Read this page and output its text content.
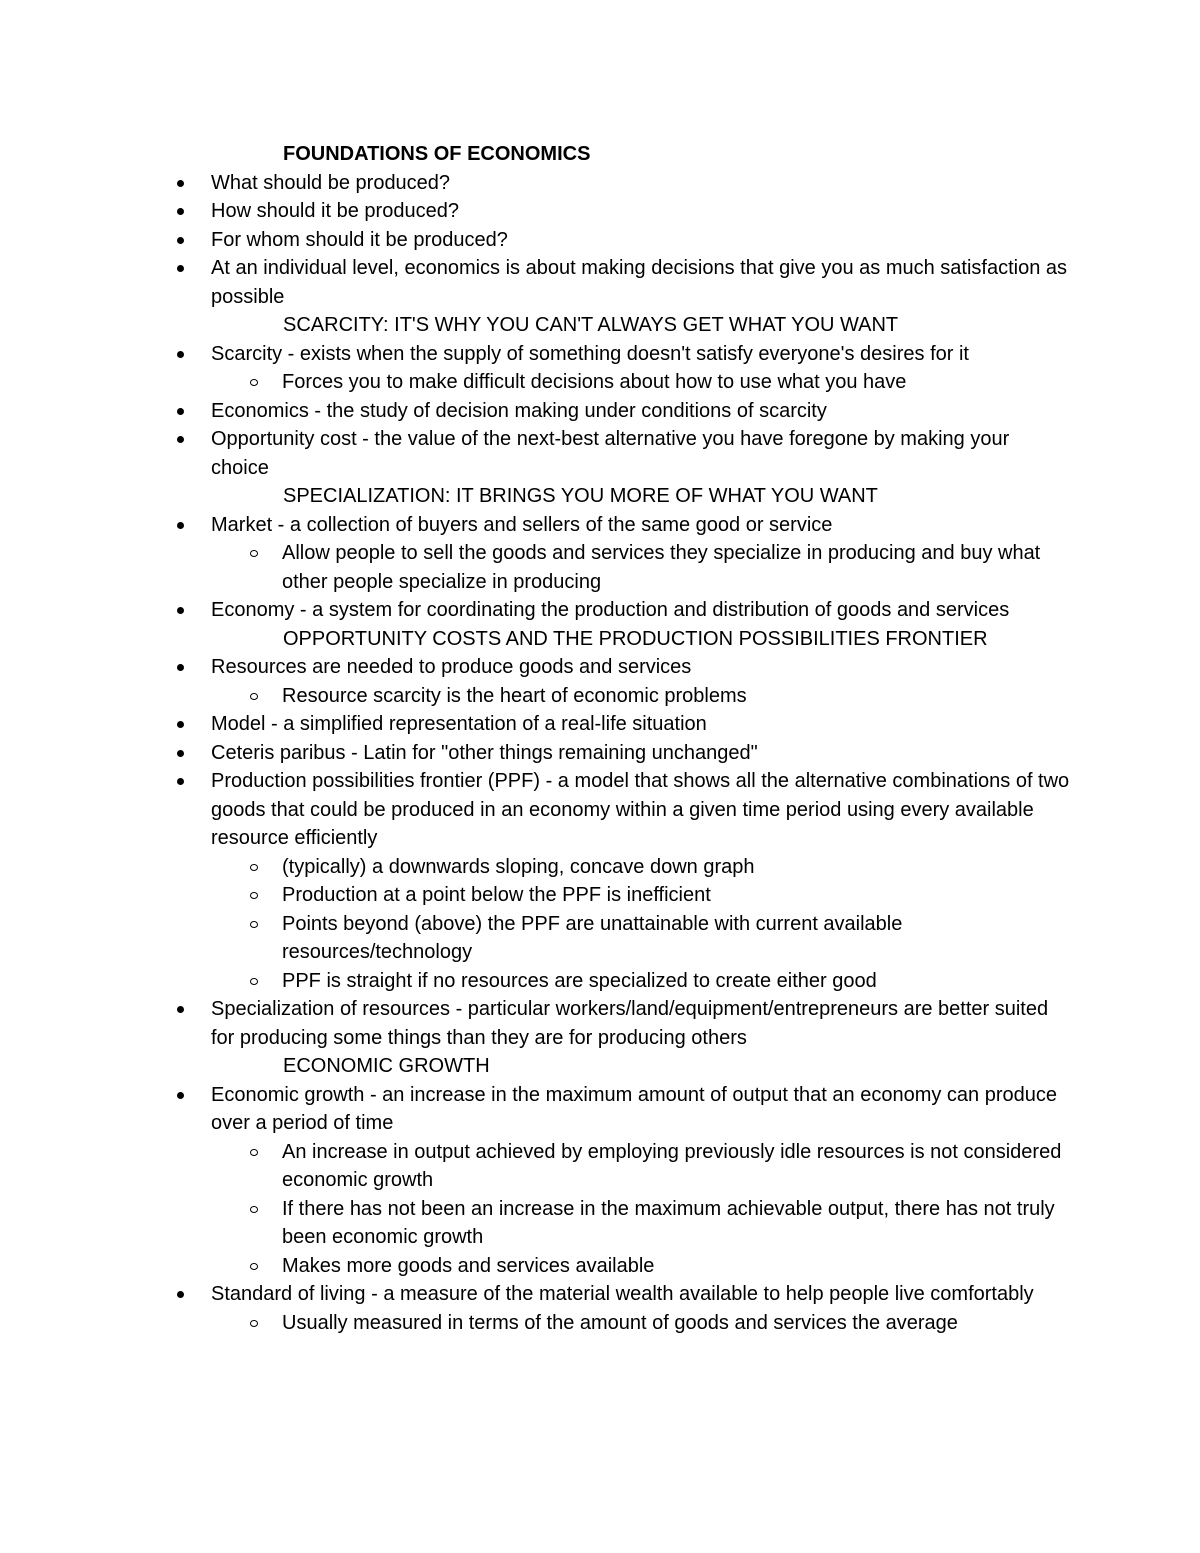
FOUNDATIONS OF ECONOMICS
What should be produced?
How should it be produced?
For whom should it be produced?
At an individual level, economics is about making decisions that give you as much satisfaction as possible
SCARCITY: IT'S WHY YOU CAN'T ALWAYS GET WHAT YOU WANT
Scarcity - exists when the supply of something doesn't satisfy everyone's desires for it
Forces you to make difficult decisions about how to use what you have
Economics - the study of decision making under conditions of scarcity
Opportunity cost - the value of the next-best alternative you have foregone by making your choice
SPECIALIZATION: IT BRINGS YOU MORE OF WHAT YOU WANT
Market - a collection of buyers and sellers of the same good or service
Allow people to sell the goods and services they specialize in producing and buy what other people specialize in producing
Economy - a system for coordinating the production and distribution of goods and services
OPPORTUNITY COSTS AND THE PRODUCTION POSSIBILITIES FRONTIER
Resources are needed to produce goods and services
Resource scarcity is the heart of economic problems
Model - a simplified representation of a real-life situation
Ceteris paribus - Latin for "other things remaining unchanged"
Production possibilities frontier (PPF) - a model that shows all the alternative combinations of two goods that could be produced in an economy within a given time period using every available resource efficiently
(typically) a downwards sloping, concave down graph
Production at a point below the PPF is inefficient
Points beyond (above) the PPF are unattainable with current available resources/technology
PPF is straight if no resources are specialized to create either good
Specialization of resources - particular workers/land/equipment/entrepreneurs are better suited for producing some things than they are for producing others
ECONOMIC GROWTH
Economic growth - an increase in the maximum amount of output that an economy can produce over a period of time
An increase in output achieved by employing previously idle resources is not considered economic growth
If there has not been an increase in the maximum achievable output, there has not truly been economic growth
Makes more goods and services available
Standard of living - a measure of the material wealth available to help people live comfortably
Usually measured in terms of the amount of goods and services the average
